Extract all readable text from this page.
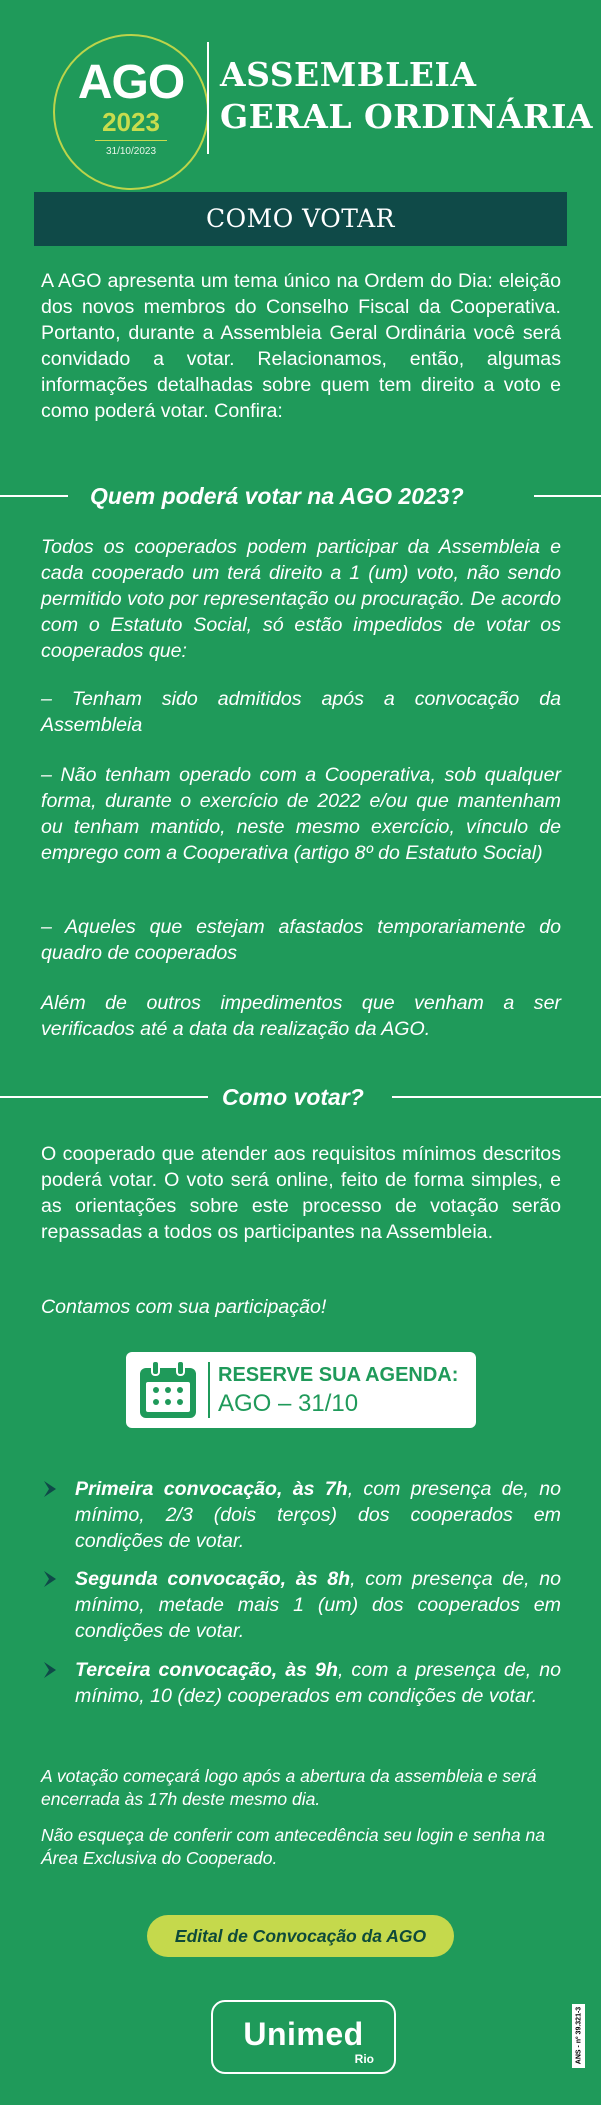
AGO
2023
31/10/2023
ASSEMBLEIA
GERAL ORDINÁRIA
COMO VOTAR
A AGO apresenta um tema único na Ordem do Dia: eleição dos novos membros do Conselho Fiscal da Cooperativa. Portanto, durante a Assembleia Geral Ordinária você será convidado a votar. Relacionamos, então, algumas informações detalhadas sobre quem tem direito a voto e como poderá votar. Confira:
Quem poderá votar na AGO 2023?
Todos os cooperados podem participar da Assembleia e cada cooperado um terá direito a 1 (um) voto, não sendo permitido voto por representação ou procuração. De acordo com o Estatuto Social, só estão impedidos de votar os cooperados que:
– Tenham sido admitidos após a convocação da Assembleia
– Não tenham operado com a Cooperativa, sob qualquer forma, durante o exercício de 2022 e/ou que mantenham ou tenham mantido, neste mesmo exercício, vínculo de emprego com a Cooperativa (artigo 8º do Estatuto Social)
– Aqueles que estejam afastados temporariamente do quadro de cooperados
Além de outros impedimentos que venham a ser verificados até a data da realização da AGO.
Como votar?
O cooperado que atender aos requisitos mínimos descritos poderá votar. O voto será online, feito de forma simples, e as orientações sobre este processo de votação serão repassadas a todos os participantes na Assembleia.
Contamos com sua participação!
RESERVE SUA AGENDA:
AGO – 31/10
Primeira convocação, às 7h, com presença de, no mínimo, 2/3 (dois terços) dos cooperados em condições de votar.
Segunda convocação, às 8h, com presença de, no mínimo, metade mais 1 (um) dos cooperados em condições de votar.
Terceira convocação, às 9h, com a presença de, no mínimo, 10 (dez) cooperados em condições de votar.
A votação começará logo após a abertura da assembleia e será encerrada às 17h deste mesmo dia.
Não esqueça de conferir com antecedência seu login e senha na Área Exclusiva do Cooperado.
Edital de Convocação da AGO
Unimed
Rio	ANS - nº 39.321-3
